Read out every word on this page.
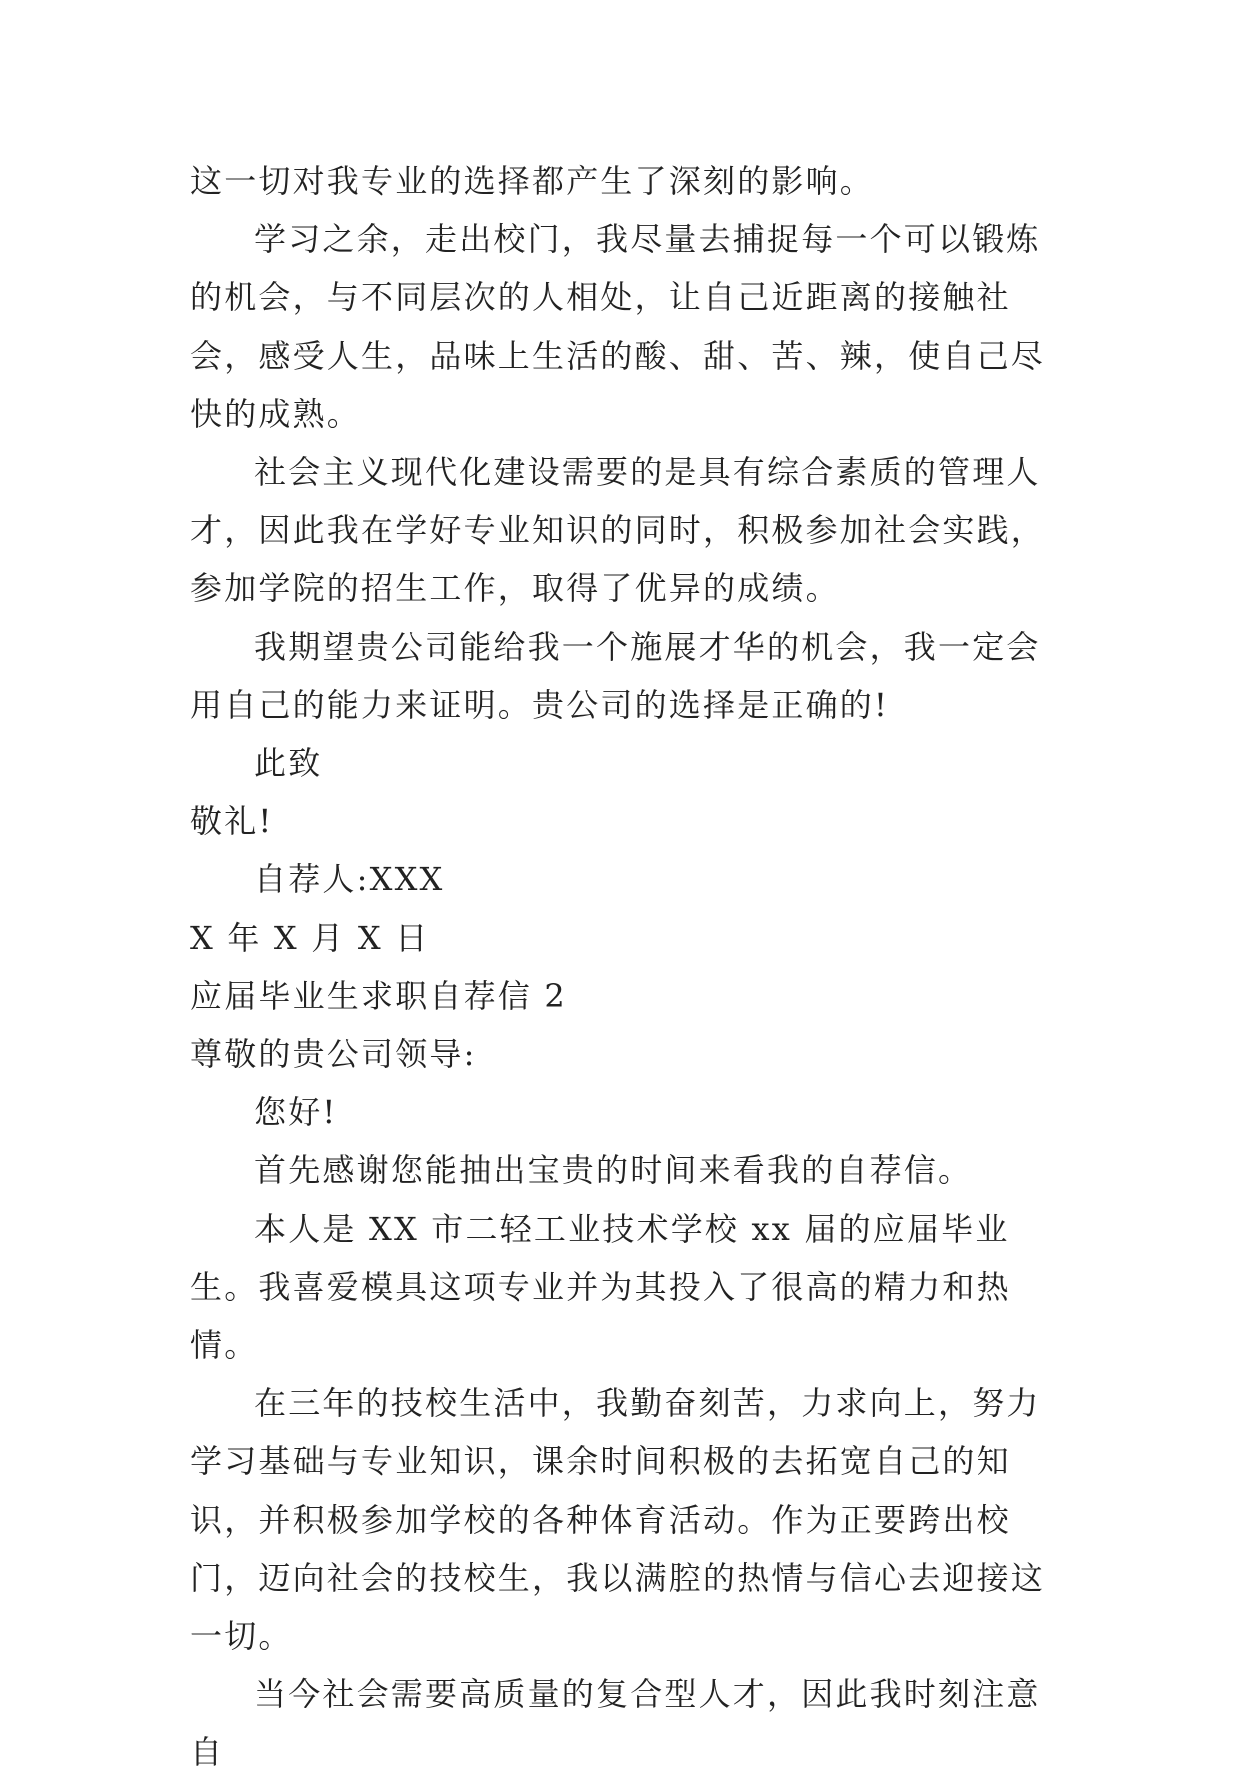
这一切对我专业的选择都产生了深刻的影响。

学习之余，走出校门，我尽量去捕捉每一个可以锻炼的机会，与不同层次的人相处，让自己近距离的接触社会，感受人生，品味上生活的酸、甜、苦、辣，使自己尽快的成熟。

社会主义现代化建设需要的是具有综合素质的管理人才，因此我在学好专业知识的同时，积极参加社会实践，参加学院的招生工作，取得了优异的成绩。

我期望贵公司能给我一个施展才华的机会，我一定会用自己的能力来证明。贵公司的选择是正确的!

此致

敬礼!

自荐人:XXX

X 年 X 月 X 日

应届毕业生求职自荐信 2

尊敬的贵公司领导:

您好!

首先感谢您能抽出宝贵的时间来看我的自荐信。

本人是 XX 市二轻工业技术学校 xx 届的应届毕业生。我喜爱模具这项专业并为其投入了很高的精力和热情。

在三年的技校生活中，我勤奋刻苦，力求向上，努力学习基础与专业知识，课余时间积极的去拓宽自己的知识，并积极参加学校的各种体育活动。作为正要跨出校门，迈向社会的技校生，我以满腔的热情与信心去迎接这一切。

当今社会需要高质量的复合型人才，因此我时刻注意自
